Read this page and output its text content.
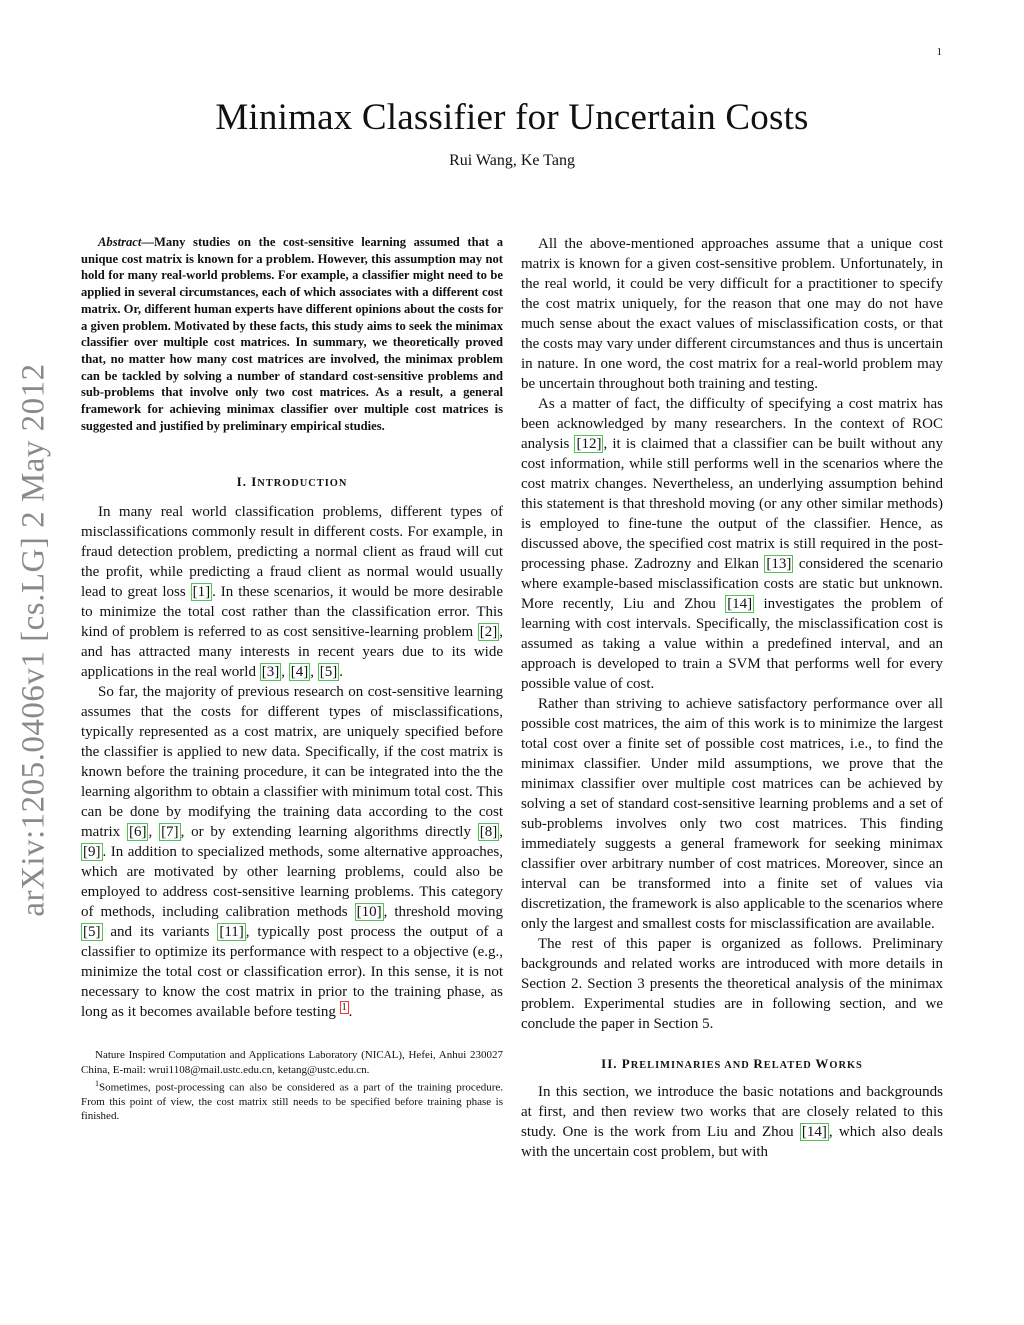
1
Minimax Classifier for Uncertain Costs
Rui Wang, Ke Tang
arXiv:1205.0406v1 [cs.LG] 2 May 2012

Abstract—Many studies on the cost-sensitive learning assumed that a unique cost matrix is known for a problem. However, this assumption may not hold for many real-world problems. For example, a classifier might need to be applied in several circumstances, each of which associates with a different cost matrix. Or, different human experts have different opinions about the costs for a given problem. Motivated by these facts, this study aims to seek the minimax classifier over multiple cost matrices. In summary, we theoretically proved that, no matter how many cost matrices are involved, the minimax problem can be tackled by solving a number of standard cost-sensitive problems and sub-problems that involve only two cost matrices. As a result, a general framework for achieving minimax classifier over multiple cost matrices is suggested and justified by preliminary empirical studies.

I. INTRODUCTION

In many real world classification problems, different types of misclassifications commonly result in different costs. For example, in fraud detection problem, predicting a normal client as fraud will cut the profit, while predicting a fraud client as normal would usually lead to great loss [1] . In these scenarios, it would be more desirable to minimize the total cost rather than the classification error. This kind of problem is referred to as cost sensitive-learning problem [2] , and has attracted many interests in recent years due to its wide applications in the real world [3] , [4] , [5] .

So far, the majority of previous research on cost-sensitive learning assumes that the costs for different types of misclassifications, typically represented as a cost matrix, are uniquely specified before the classifier is applied to new data. Specifically, if the cost matrix is known before the training procedure, it can be integrated into the the learning algorithm to obtain a classifier with minimum total cost. This can be done by modifying the training data according to the cost matrix [6] , [7] , or by extending learning algorithms directly [8] , [9] . In addition to specialized methods, some alternative approaches, which are motivated by other learning problems, could also be employed to address cost-sensitive learning problems. This category of methods, including calibration methods [10] , threshold moving [5] and its variants [11] , typically post process the output of a classifier to optimize its performance with respect to a objective (e.g., minimize the total cost or classification error). In this sense, it is not necessary to know the cost matrix in prior to the training phase, as long as it becomes available before testing $^1$ .

Nature Inspired Computation and Applications Laboratory (NICAL), Hefei, Anhui 230027 China, E-mail: wrui1108@mail.ustc.edu.cn, ketang@ustc.edu.cn.

$^1$Sometimes, post-processing can also be considered as a part of the training procedure. From this point of view, the cost matrix still needs to be specified before training phase is finished.

All the above-mentioned approaches assume that a unique cost matrix is known for a given cost-sensitive problem. Unfortunately, in the real world, it could be very difficult for a practitioner to specify the cost matrix uniquely, for the reason that one may do not have much sense about the exact values of misclassification costs, or that the costs may vary under different circumstances and thus is uncertain in nature. In one word, the cost matrix for a real-world problem may be uncertain throughout both training and testing.

As a matter of fact, the difficulty of specifying a cost matrix has been acknowledged by many researchers. In the context of ROC analysis [12] , it is claimed that a classifier can be built without any cost information, while still performs well in the scenarios where the cost matrix changes. Nevertheless, an underlying assumption behind this statement is that threshold moving (or any other similar methods) is employed to fine-tune the output of the classifier. Hence, as discussed above, the specified cost matrix is still required in the post-processing phase. Zadrozny and Elkan [13] considered the scenario where example-based misclassification costs are static but unknown. More recently, Liu and Zhou [14] investigates the problem of learning with cost intervals. Specifically, the misclassification cost is assumed as taking a value within a predefined interval, and an approach is developed to train a SVM that performs well for every possible value of cost.

Rather than striving to achieve satisfactory performance over all possible cost matrices, the aim of this work is to minimize the largest total cost over a finite set of possible cost matrices, i.e., to find the minimax classifier. Under mild assumptions, we prove that the minimax classifier over multiple cost matrices can be achieved by solving a set of standard cost-sensitive learning problems and a set of sub-problems involves only two cost matrices. This finding immediately suggests a general framework for seeking minimax classifier over arbitrary number of cost matrices. Moreover, since an interval can be transformed into a finite set of values via discretization, the framework is also applicable to the scenarios where only the largest and smallest costs for misclassification are available.

The rest of this paper is organized as follows. Preliminary backgrounds and related works are introduced with more details in Section 2. Section 3 presents the theoretical analysis of the minimax problem. Experimental studies are in following section, and we conclude the paper in Section 5.

II. PRELIMINARIES AND RELATED WORKS

In this section, we introduce the basic notations and backgrounds at first, and then review two works that are closely related to this study. One is the work from Liu and Zhou [14] , which also deals with the uncertain cost problem, but with
